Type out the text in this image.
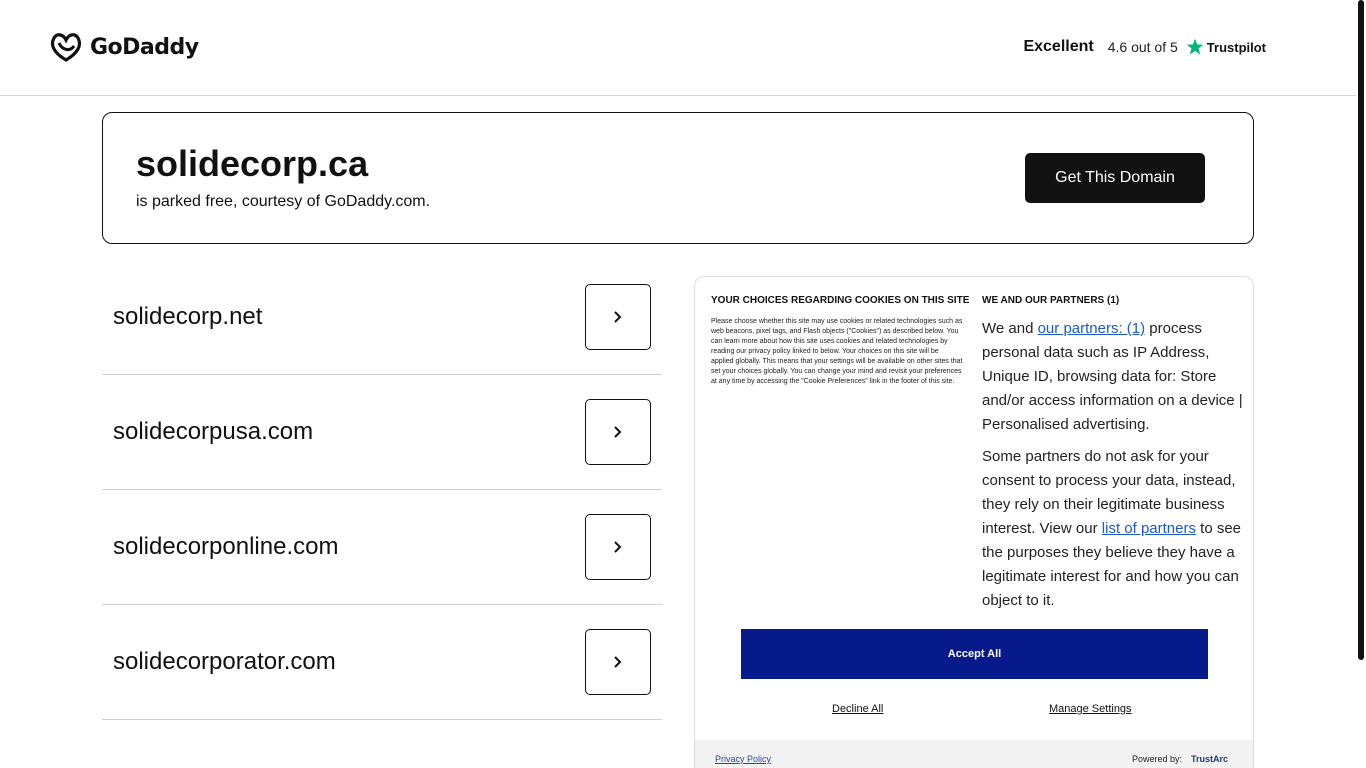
GoDaddy	Excellent 4.6 out of 5 Trustpilot
solidecorp.ca
is parked free, courtesy of GoDaddy.com.
Get This Domain
solidecorp.net
solidecorpusa.com
solidecorponline.com
solidecorporator.com
YOUR CHOICES REGARDING COOKIES ON THIS SITE
Please choose whether this site may use cookies or related technologies such as web beacons, pixel tags, and Flash objects ("Cookies") as described below. You can learn more about how this site uses cookies and related technologies by reading our privacy policy linked to below. Your choices on this site will be applied globally. This means that your settings will be available on other sites that set your choices globally. You can change your mind and revisit your preferences at any time by accessing the "Cookie Preferences" link in the footer of this site.
WE AND OUR PARTNERS (1)
We and our partners: (1) process personal data such as IP Address, Unique ID, browsing data for: Store and/or access information on a device | Personalised advertising.
Some partners do not ask for your consent to process your data, instead, they rely on their legitimate business interest. View our list of partners to see the purposes they believe they have a legitimate interest for and how you can object to it.
Accept All
Decline All	Manage Settings
Privacy Policy	Powered by: TrustArc
